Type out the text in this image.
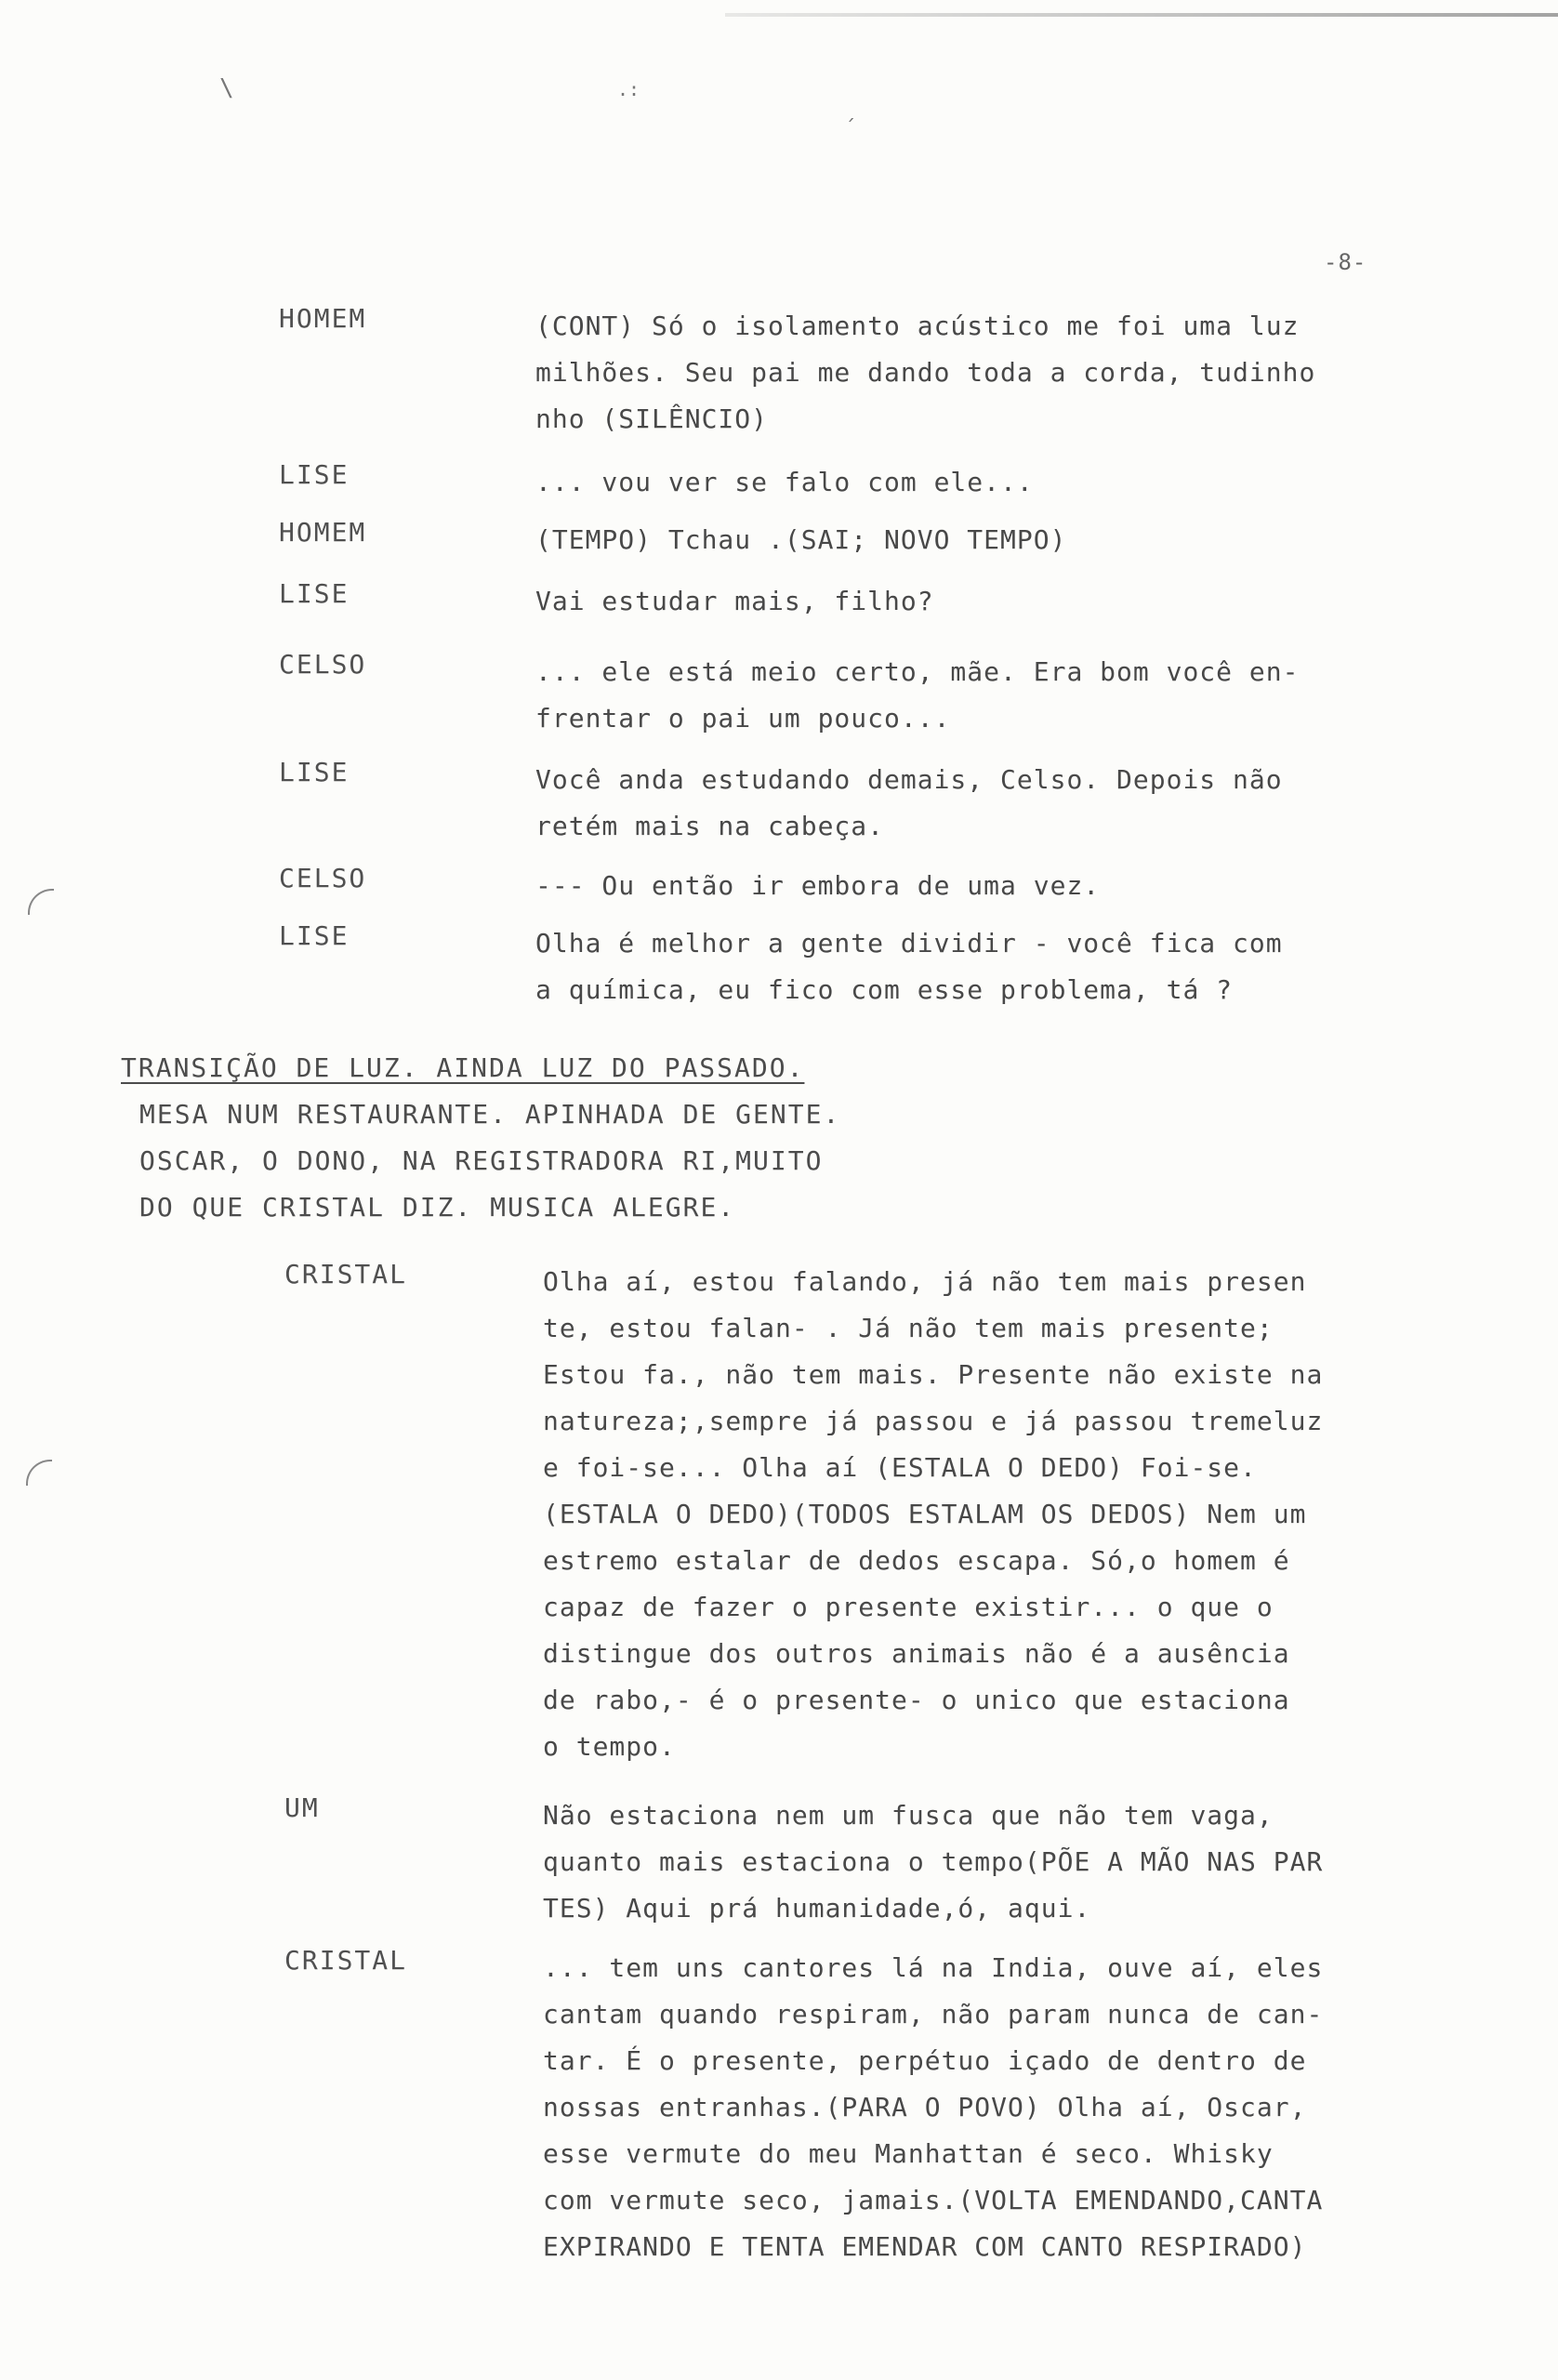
\	.:
´
-8-
HOMEM	(CONT) Só o isolamento acústico me foi uma luz
milhões. Seu pai me dando toda a corda, tudinho
nho (SILÊNCIO)
LISE	... vou ver se falo com ele...
HOMEM	(TEMPO) Tchau .(SAI; NOVO TEMPO)
LISE	Vai estudar mais, filho?
CELSO	... ele está meio certo, mãe. Era bom você en-
frentar o pai um pouco...
LISE	Você anda estudando demais, Celso. Depois não
retém mais na cabeça.
CELSO	--- Ou então ir embora de uma vez.
LISE	Olha é melhor a gente dividir - você fica com
a química, eu fico com esse problema, tá ?
TRANSIÇÃO DE LUZ. AINDA LUZ DO PASSADO.
MESA NUM RESTAURANTE. APINHADA DE GENTE.
OSCAR, O DONO, NA REGISTRADORA RI,MUITO
DO QUE CRISTAL DIZ. MUSICA ALEGRE.
CRISTAL	Olha aí, estou falando, já não tem mais presen
te, estou falan- . Já não tem mais presente;
Estou fa., não tem mais. Presente não existe na
natureza;,sempre já passou e já passou tremeluz
e foi-se... Olha aí (ESTALA O DEDO) Foi-se.
(ESTALA O DEDO)(TODOS ESTALAM OS DEDOS) Nem um
estremo estalar de dedos escapa. Só,o homem é
capaz de fazer o presente existir... o que o
distingue dos outros animais não é a ausência
de rabo,- é o presente- o unico que estaciona
o tempo.
UM	Não estaciona nem um fusca que não tem vaga,
quanto mais estaciona o tempo(PÕE A MÃO NAS PAR
TES) Aqui prá humanidade,ó, aqui.
CRISTAL	... tem uns cantores lá na India, ouve aí, eles
cantam quando respiram, não param nunca de can-
tar. É o presente, perpétuo içado de dentro de
nossas entranhas.(PARA O POVO) Olha aí, Oscar,
esse vermute do meu Manhattan é seco. Whisky
com vermute seco, jamais.(VOLTA EMENDANDO,CANTA
EXPIRANDO E TENTA EMENDAR COM CANTO RESPIRADO)
